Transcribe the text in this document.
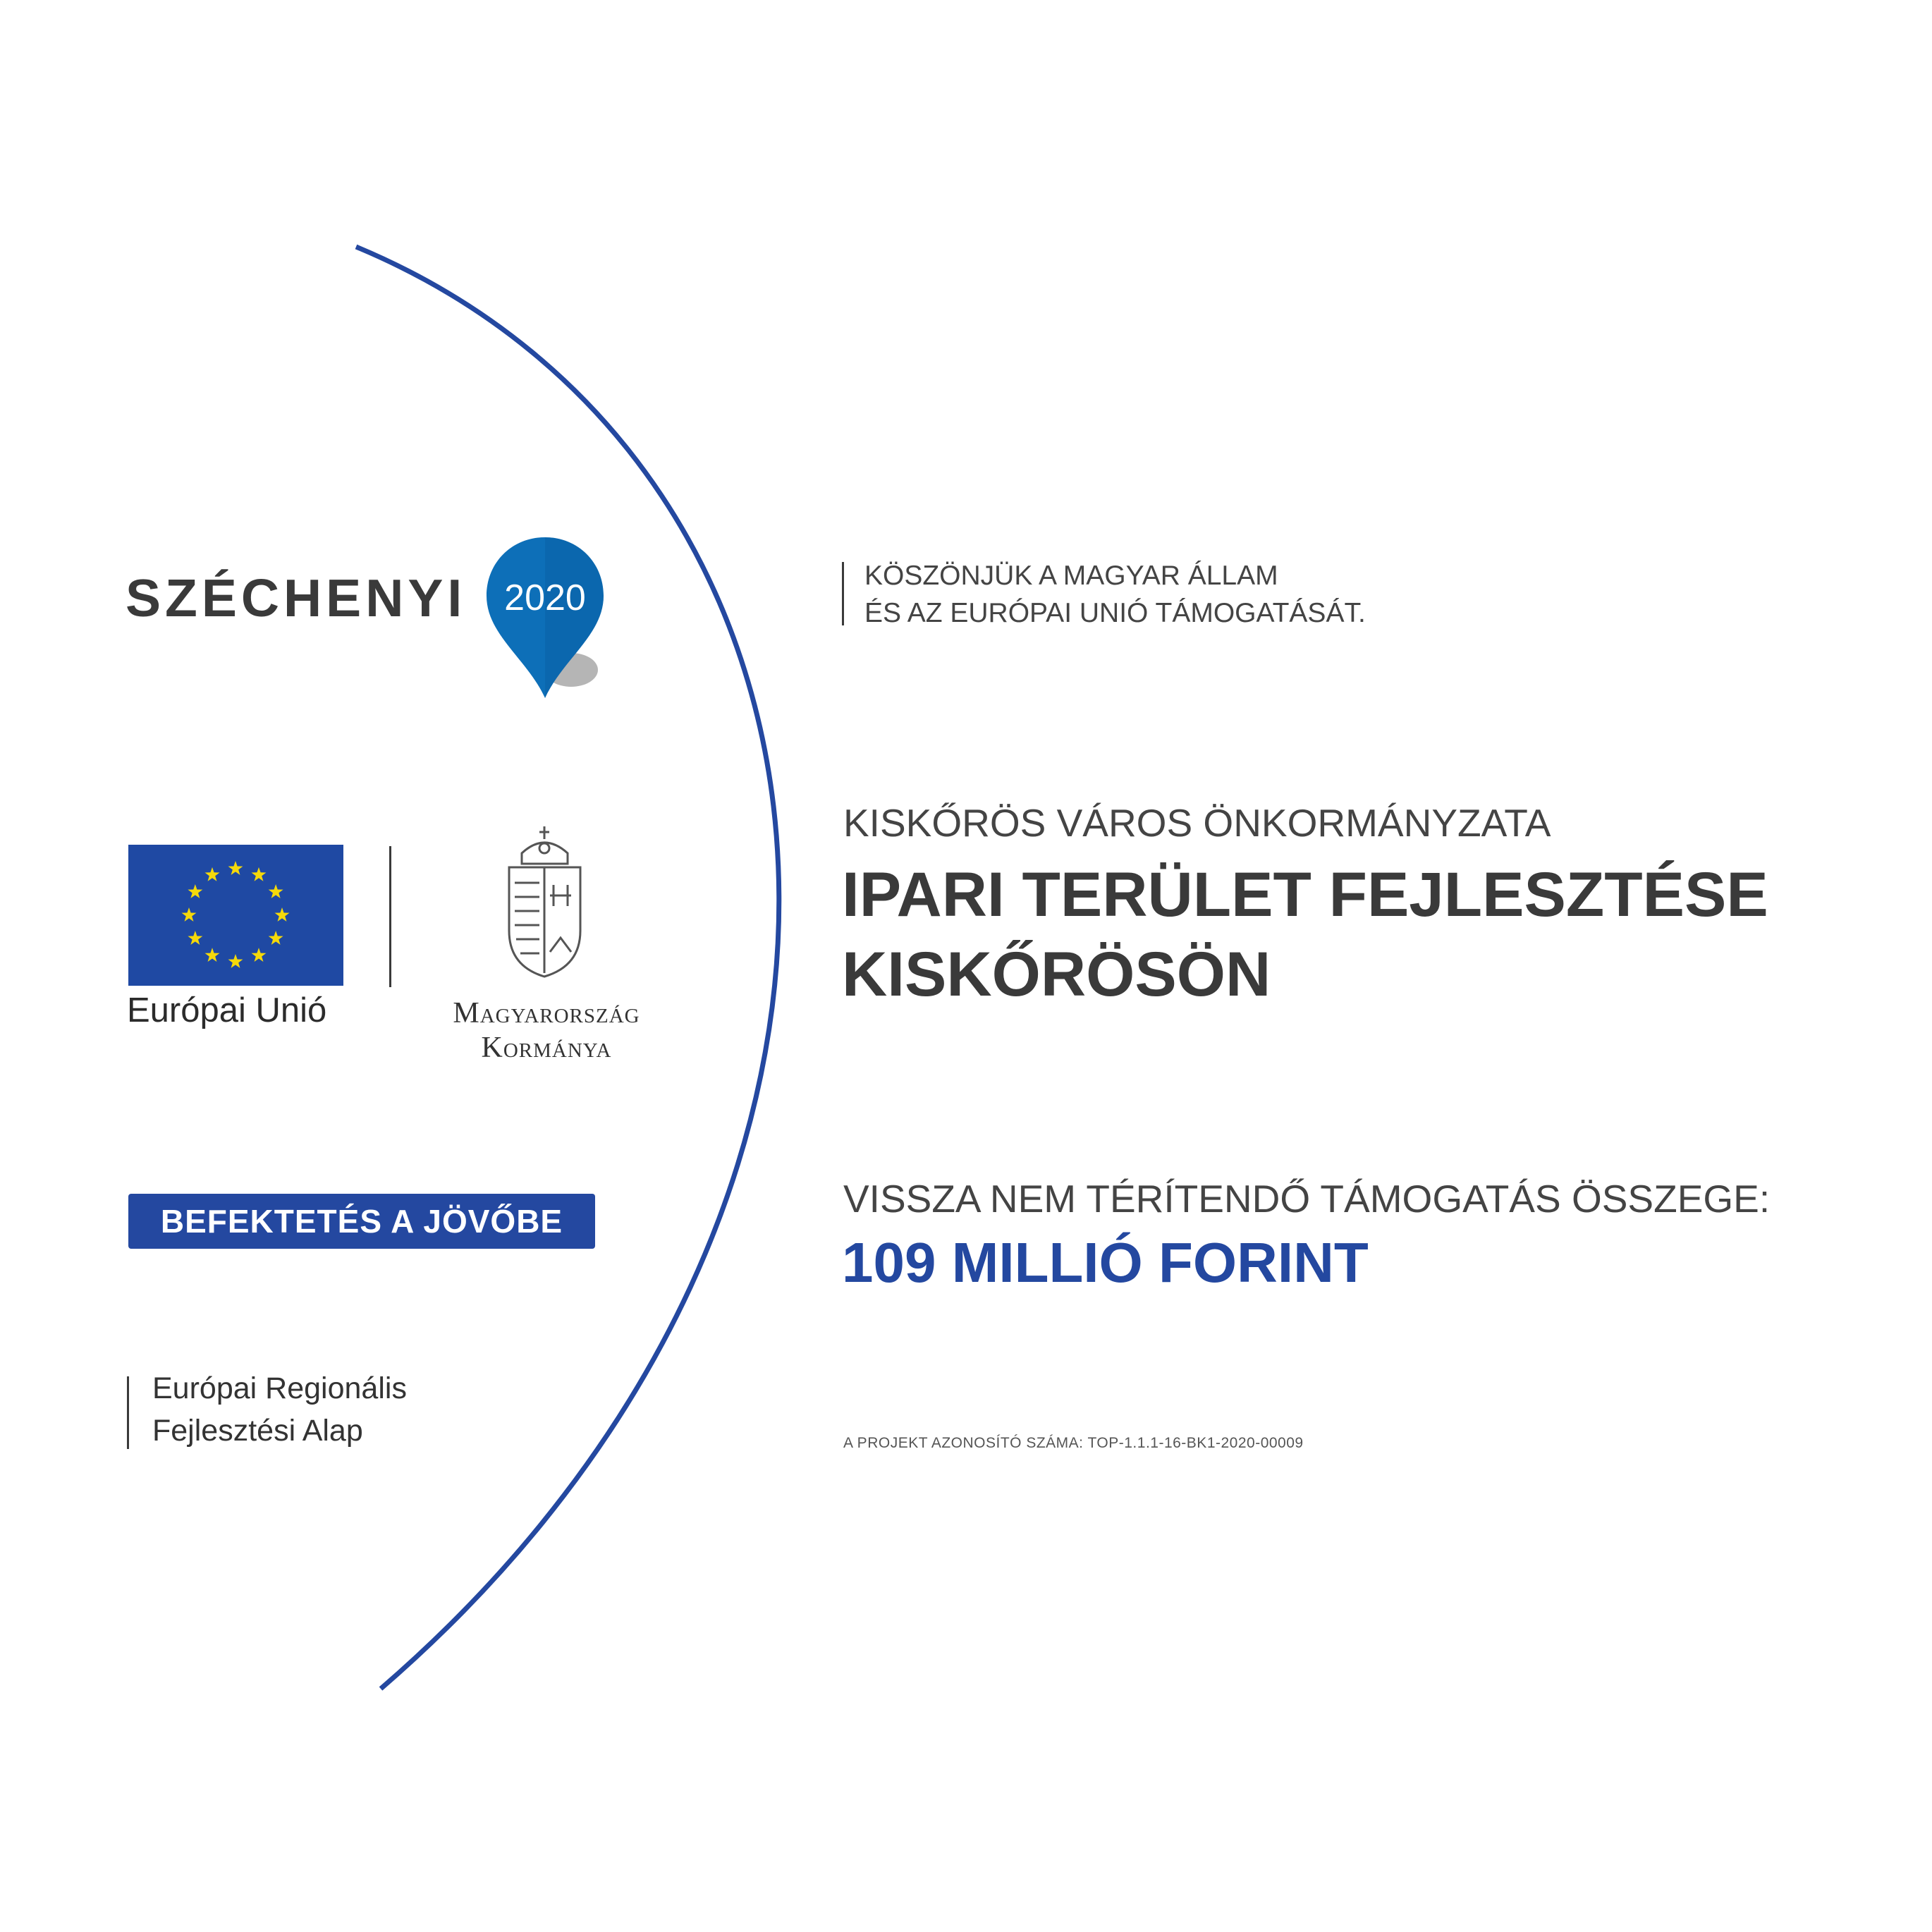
SZÉCHENYI	2020
Európai Unió	Magyarország
Kormánya
BEFEKTETÉS A JÖVŐBE
Európai Regionális
Fejlesztési Alap
KÖSZÖNJÜK A MAGYAR ÁLLAM
ÉS AZ EURÓPAI UNIÓ TÁMOGATÁSÁT.
KISKŐRÖS VÁROS ÖNKORMÁNYZATA
IPARI TERÜLET FEJLESZTÉSE
KISKŐRÖSÖN
VISSZA NEM TÉRÍTENDŐ TÁMOGATÁS ÖSSZEGE:
109 MILLIÓ FORINT
A PROJEKT AZONOSÍTÓ SZÁMA: TOP-1.1.1-16-BK1-2020-00009
